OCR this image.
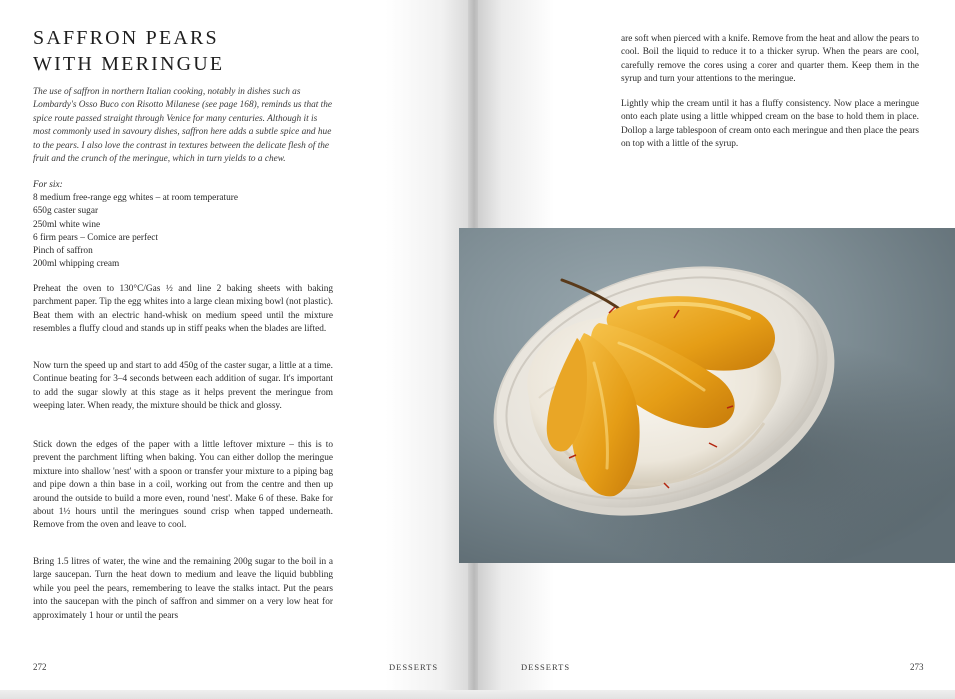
SAFFRON PEARS
WITH MERINGUE

The use of saffron in northern Italian cooking, notably in dishes such as Lombardy's Osso Buco con Risotto Milanese (see page 168), reminds us that the spice route passed straight through Venice for many centuries. Although it is most commonly used in savoury dishes, saffron here adds a subtle spice and hue to the pears. I also love the contrast in textures between the delicate flesh of the fruit and the crunch of the meringue, which in turn yields to a chew.

For six:
8 medium free-range egg whites – at room temperature
650g caster sugar
250ml white wine
6 firm pears – Comice are perfect
Pinch of saffron
200ml whipping cream

Preheat the oven to 130°C/Gas ½ and line 2 baking sheets with baking parchment paper. Tip the egg whites into a large clean mixing bowl (not plastic). Beat them with an electric hand-whisk on medium speed until the mixture resembles a fluffy cloud and stands up in stiff peaks when the blades are lifted.

Now turn the speed up and start to add 450g of the caster sugar, a little at a time. Continue beating for 3–4 seconds between each addition of sugar. It's important to add the sugar slowly at this stage as it helps prevent the meringue from weeping later. When ready, the mixture should be thick and glossy.

Stick down the edges of the paper with a little leftover mixture – this is to prevent the parchment lifting when baking. You can either dollop the meringue mixture into shallow 'nest' with a spoon or transfer your mixture to a piping bag and pipe down a thin base in a coil, working out from the centre and then up around the outside to build a more even, round 'nest'. Make 6 of these. Bake for about 1½ hours until the meringues sound crisp when tapped underneath. Remove from the oven and leave to cool.

Bring 1.5 litres of water, the wine and the remaining 200g sugar to the boil in a large saucepan. Turn the heat down to medium and leave the liquid bubbling while you peel the pears, remembering to leave the stalks intact. Put the pears into the saucepan with the pinch of saffron and simmer on a very low heat for approximately 1 hour or until the pears

272	DESSERTS

are soft when pierced with a knife. Remove from the heat and allow the pears to cool. Boil the liquid to reduce it to a thicker syrup. When the pears are cool, carefully remove the cores using a corer and quarter them. Keep them in the syrup and turn your attentions to the meringue.

Lightly whip the cream until it has a fluffy consistency. Now place a meringue onto each plate using a little whipped cream on the base to hold them in place. Dollop a large tablespoon of cream onto each meringue and then place the pears on top with a little of the syrup.

DESSERTS	273
